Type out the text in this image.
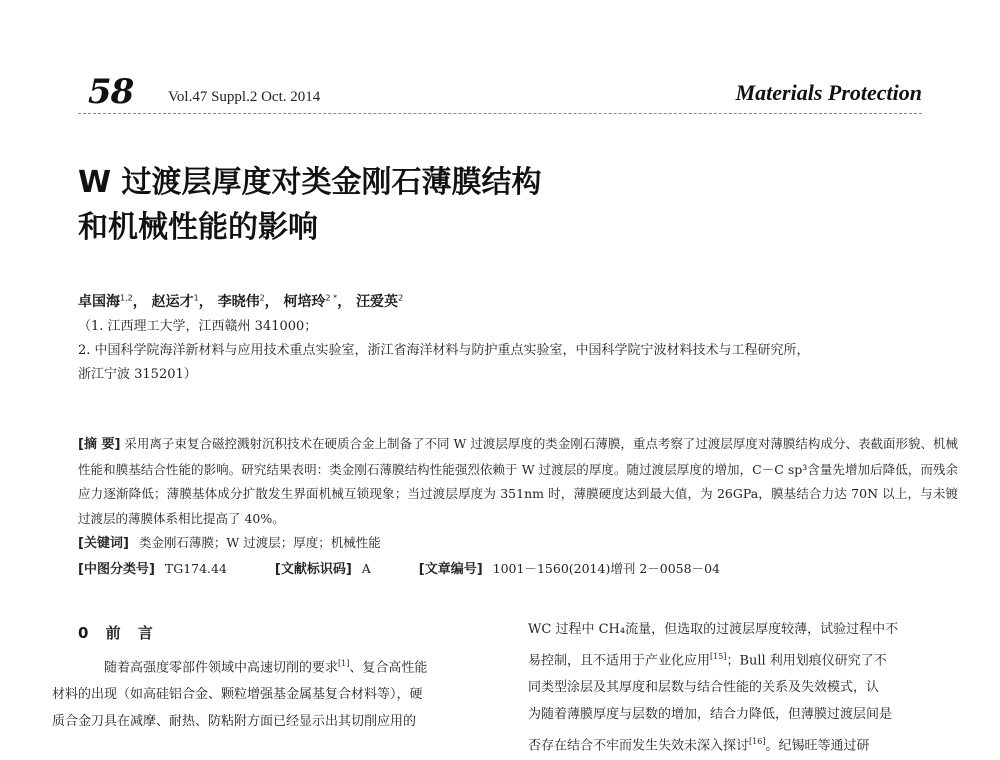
58 Vol.47 Suppl.2 Oct. 2014	Materials Protection
W 过渡层厚度对类金刚石薄膜结构
和机械性能的影响
卓国海$^{1,2}$， 赵运才$^1$， 李晓伟$^2$， 柯培玲$^{2 *}$， 汪爱英$^2$
（1. 江西理工大学，江西赣州 341000；
2. 中国科学院海洋新材料与应用技术重点实验室，浙江省海洋材料与防护重点实验室，中国科学院宁波材料技术与工程研究所，
浙江宁波 315201）

[摘 要] 采用离子束复合磁控溅射沉积技术在硬质合金上制备了不同 W 过渡层厚度的类金刚石薄膜，重点考察了过渡层厚度对薄膜结构成分、表截面形貌、机械性能和膜基结合性能的影响。研究结果表明：类金刚石薄膜结构性能强烈依赖于 W 过渡层的厚度。随过渡层厚度的增加，C－C sp³含量先增加后降低，而残余应力逐渐降低；薄膜基体成分扩散发生界面机械互锁现象；当过渡层厚度为 351nm 时，薄膜硬度达到最大值，为 26GPa，膜基结合力达 70N 以上，与未镀过渡层的薄膜体系相比提高了 40%。

[关键词] 类金刚石薄膜；W 过渡层；厚度；机械性能
[中图分类号] TG174.44	[文献标识码] A	[文章编号] 1001－1560(2014)增刊 2－0058－04
0 前 言

随着高强度零部件领域中高速切削的要求[1]、复合高性能
材料的出现（如高硅铝合金、颗粒增强基金属基复合材料等），硬
质合金刀具在减摩、耐热、防粘附方面已经显示出其切削应用的

WC 过程中 CH₄流量，但选取的过渡层厚度较薄，试验过程中不
易控制，且不适用于产业化应用[15]；Bull 利用划痕仪研究了不
同类型涂层及其厚度和层数与结合性能的关系及失效模式，认
为随着薄膜厚度与层数的增加，结合力降低，但薄膜过渡层间是
否存在结合不牢而发生失效未深入探讨[16]。纪锡旺等通过研
